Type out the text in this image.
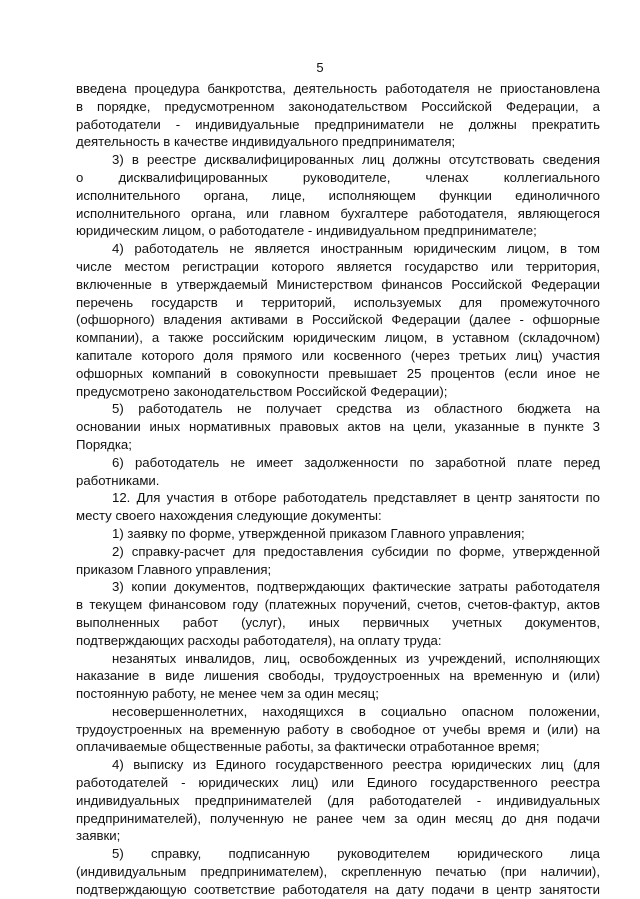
5
введена процедура банкротства, деятельность работодателя не приостановлена
в порядке, предусмотренном законодательством Российской Федерации, а
работодатели - индивидуальные предприниматели не должны прекратить
деятельность в качестве индивидуального предпринимателя;
3) в реестре дисквалифицированных лиц должны отсутствовать сведения
о дисквалифицированных руководителе, членах коллегиального
исполнительного органа, лице, исполняющем функции единоличного
исполнительного органа, или главном бухгалтере работодателя, являющегося
юридическим лицом, о работодателе - индивидуальном предпринимателе;
4) работодатель не является иностранным юридическим лицом, в том
числе местом регистрации которого является государство или территория,
включенные в утверждаемый Министерством финансов Российской Федерации
перечень государств и территорий, используемых для промежуточного
(офшорного) владения активами в Российской Федерации (далее - офшорные
компании), а также российским юридическим лицом, в уставном (складочном)
капитале которого доля прямого или косвенного (через третьих лиц) участия
офшорных компаний в совокупности превышает 25 процентов (если иное не
предусмотрено законодательством Российской Федерации);
5) работодатель не получает средства из областного бюджета на
основании иных нормативных правовых актов на цели, указанные в пункте 3
Порядка;
6) работодатель не имеет задолженности по заработной плате перед
работниками.
12. Для участия в отборе работодатель представляет в центр занятости по
месту своего нахождения следующие документы:
1) заявку по форме, утвержденной приказом Главного управления;
2) справку-расчет для предоставления субсидии по форме, утвержденной
приказом Главного управления;
3) копии документов, подтверждающих фактические затраты работодателя
в текущем финансовом году (платежных поручений, счетов, счетов-фактур, актов
выполненных работ (услуг), иных первичных учетных документов,
подтверждающих расходы работодателя), на оплату труда:
незанятых инвалидов, лиц, освобожденных из учреждений, исполняющих
наказание в виде лишения свободы, трудоустроенных на временную и (или)
постоянную работу, не менее чем за один месяц;
несовершеннолетних, находящихся в социально опасном положении,
трудоустроенных на временную работу в свободное от учебы время и (или) на
оплачиваемые общественные работы, за фактически отработанное время;
4) выписку из Единого государственного реестра юридических лиц (для
работодателей - юридических лиц) или Единого государственного реестра
индивидуальных предпринимателей (для работодателей - индивидуальных
предпринимателей), полученную не ранее чем за один месяц до дня подачи
заявки;
5) справку, подписанную руководителем юридического лица
(индивидуальным предпринимателем), скрепленную печатью (при наличии),
подтверждающую соответствие работодателя на дату подачи в центр занятости
